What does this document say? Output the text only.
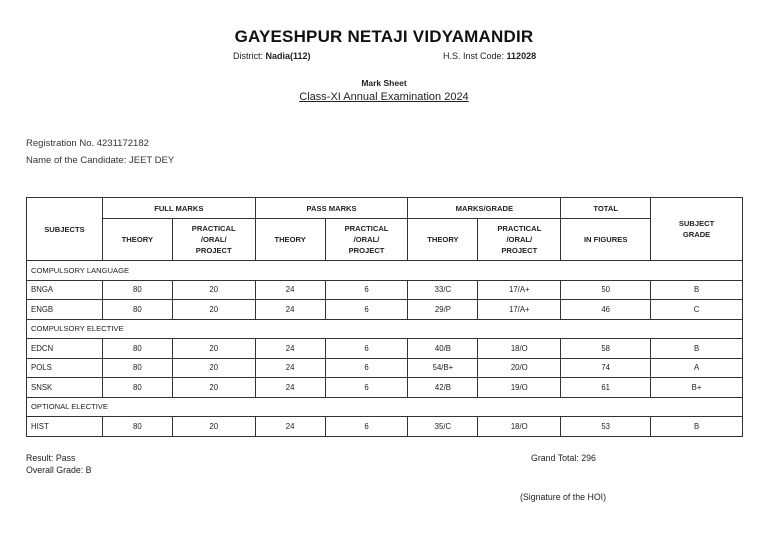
GAYESHPUR NETAJI VIDYAMANDIR
District: Nadia(112)	H.S. Inst Code: 112028
Mark Sheet
Class-XI Annual Examination 2024
Registration No. 4231172182
Name of the Candidate: JEET DEY
SUBJECTS	FULL MARKS		PASS MARKS		MARKS/GRADE		TOTAL	SUBJECT
GRADE
	THEORY	PRACTICAL
/ORAL/
PROJECT	THEORY	PRACTICAL
/ORAL/
PROJECT	THEORY	PRACTICAL
/ORAL/
PROJECT	IN FIGURES	
COMPULSORY LANGUAGE								
BNGA	80	20	24	6	33/C	17/A+	50	B
ENGB	80	20	24	6	29/P	17/A+	46	C
COMPULSORY ELECTIVE								
EDCN	80	20	24	6	40/B	18/O	58	B
POLS	80	20	24	6	54/B+	20/O	74	A
SNSK	80	20	24	6	42/B	19/O	61	B+
OPTIONAL ELECTIVE								
HIST	80	20	24	6	35/C	18/O	53	B
Result: Pass
Overall Grade: B
Grand Total: 296
(Signature of the HOI)
